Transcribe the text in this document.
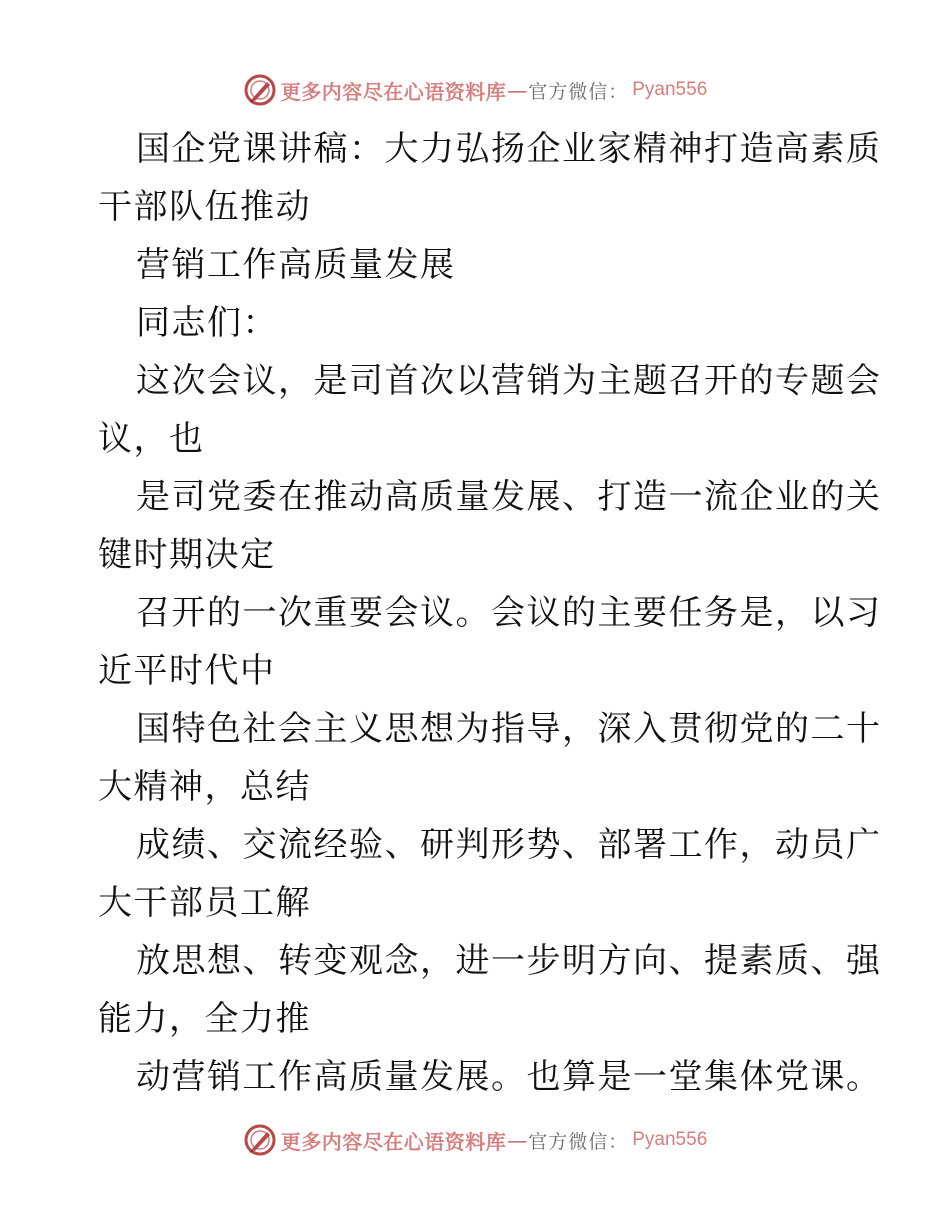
更多内容尽在心语资料库 — 官方微信： Pyan556
国企党课讲稿：大力弘扬企业家精神打造高素质
干部队伍推动
营销工作高质量发展
同志们：
这次会议，是司首次以营销为主题召开的专题会
议，也
是司党委在推动高质量发展、打造一流企业的关
键时期决定
召开的一次重要会议。会议的主要任务是，以习
近平时代中
国特色社会主义思想为指导，深入贯彻党的二十
大精神，总结
成绩、交流经验、研判形势、部署工作，动员广
大干部员工解
放思想、转变观念，进一步明方向、提素质、强
能力，全力推
动营销工作高质量发展。也算是一堂集体党课。
更多内容尽在心语资料库 — 官方微信： Pyan556
